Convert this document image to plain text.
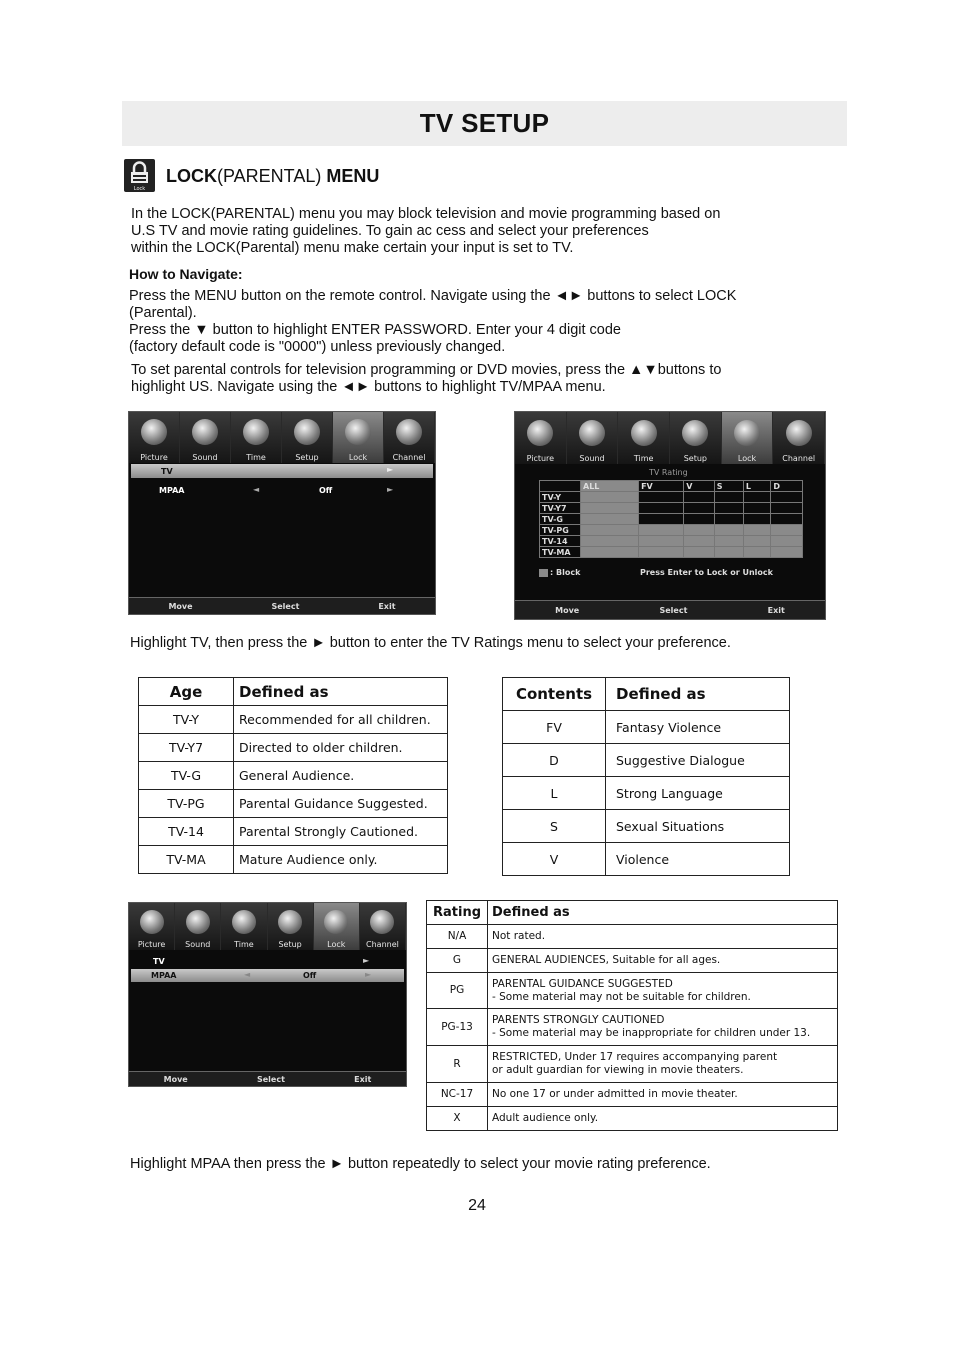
TV SETUP
Lock
LOCK(PARENTAL) MENU
In the LOCK(PARENTAL) menu you may block television and movie programming based on
U.S TV and movie rating guidelines. To gain ac cess and select your preferences
within the LOCK(Parental) menu make certain your input is set to TV.
How to Navigate:
Press the MENU button on the remote control. Navigate using the ◄► buttons to select LOCK
(Parental).
Press the ▼ button to highlight ENTER PASSWORD. Enter your 4 digit code
(factory default code is "0000") unless previously changed.
To set parental controls for television programming or DVD movies, press the ▲▼buttons to
highlight US. Navigate using the ◄► buttons to highlight TV/MPAA menu.
Picture	Sound	Time	Setup	Lock	Channel
TV	►
MPAA	◄	Off	►
Move	Select	Exit
Picture	Sound	Time	Setup	Lock	Channel
TV Rating
	ALL	FV	V	S	L	D
TV-Y						
TV-Y7						
TV-G						
TV-PG						
TV-14						
TV-MA						
: Block	Press Enter to Lock or Unlock
Move	Select	Exit
Highlight TV, then press the ► button to enter the TV Ratings menu to select your preference.
Age	Defined as
TV-Y	Recommended for all children.
TV-Y7	Directed to older children.
TV-G	General Audience.
TV-PG	Parental Guidance Suggested.
TV-14	Parental Strongly Cautioned.
TV-MA	Mature Audience only.
Contents	Defined as
FV	Fantasy Violence
D	Suggestive Dialogue
L	Strong Language
S	Sexual Situations
V	Violence
Picture	Sound	Time	Setup	Lock	Channel
TV	►
MPAA	◄	Off	►
Move	Select	Exit
Rating	Defined as
N/A	Not rated.

G	GENERAL AUDIENCES, Suitable for all ages.

PG	PARENTAL GUIDANCE SUGGESTED
- Some material may not be suitable for children.

PG-13	PARENTS STRONGLY CAUTIONED
- Some material may be inappropriate for children under 13.

R	RESTRICTED, Under 17 requires accompanying parent
or adult guardian for viewing in movie theaters.

NC-17	No one 17 or under admitted in movie theater.

X	Adult audience only.
Highlight MPAA then press the ► button repeatedly to select your movie rating preference.
24
